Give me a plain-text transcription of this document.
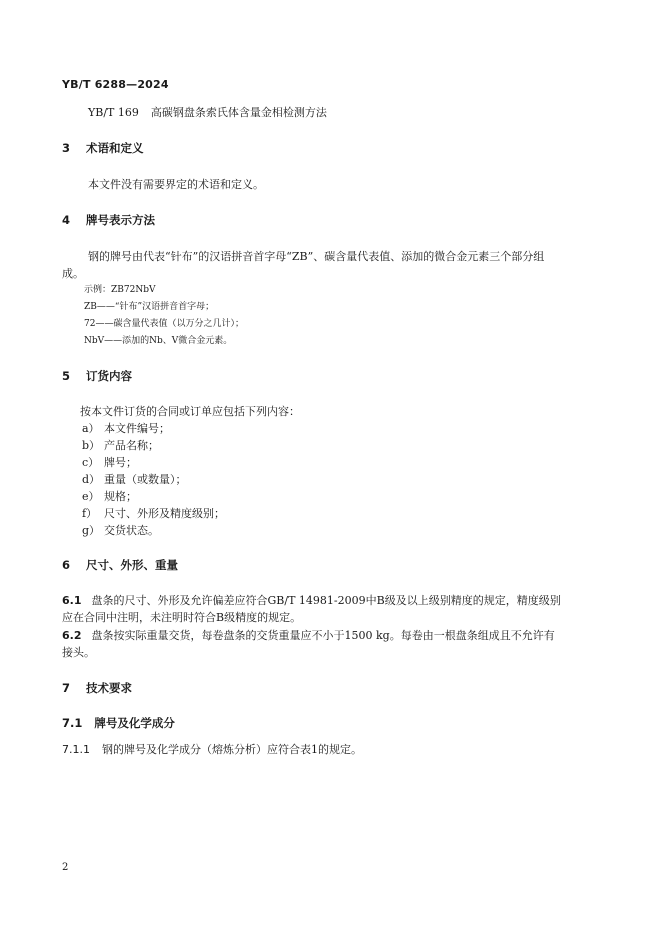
YB/T 6288—2024
YB/T 169 高碳钢盘条索氏体含量金相检测方法
3 术语和定义
本文件没有需要界定的术语和定义。
4 牌号表示方法
钢的牌号由代表“针布”的汉语拼音首字母“ZB”、碳含量代表值、添加的微合金元素三个部分组
成。
示例：ZB72NbV
ZB——“针布”汉语拼音首字母；
72——碳含量代表值（以万分之几计）；
NbV——添加的Nb、V微合金元素。
5 订货内容
按本文件订货的合同或订单应包括下列内容：
a） 本文件编号；
b） 产品名称；
c） 牌号；
d） 重量（或数量）；
e） 规格；
f） 尺寸、外形及精度级别；
g） 交货状态。
6 尺寸、外形、重量
6.1 盘条的尺寸、外形及允许偏差应符合GB/T 14981-2009中B级及以上级别精度的规定，精度级别
应在合同中注明，未注明时符合B级精度的规定。
6.2 盘条按实际重量交货，每卷盘条的交货重量应不小于1500 kg。每卷由一根盘条组成且不允许有
接头。
7 技术要求
7.1 牌号及化学成分
7.1.1 钢的牌号及化学成分（熔炼分析）应符合表1的规定。
2
